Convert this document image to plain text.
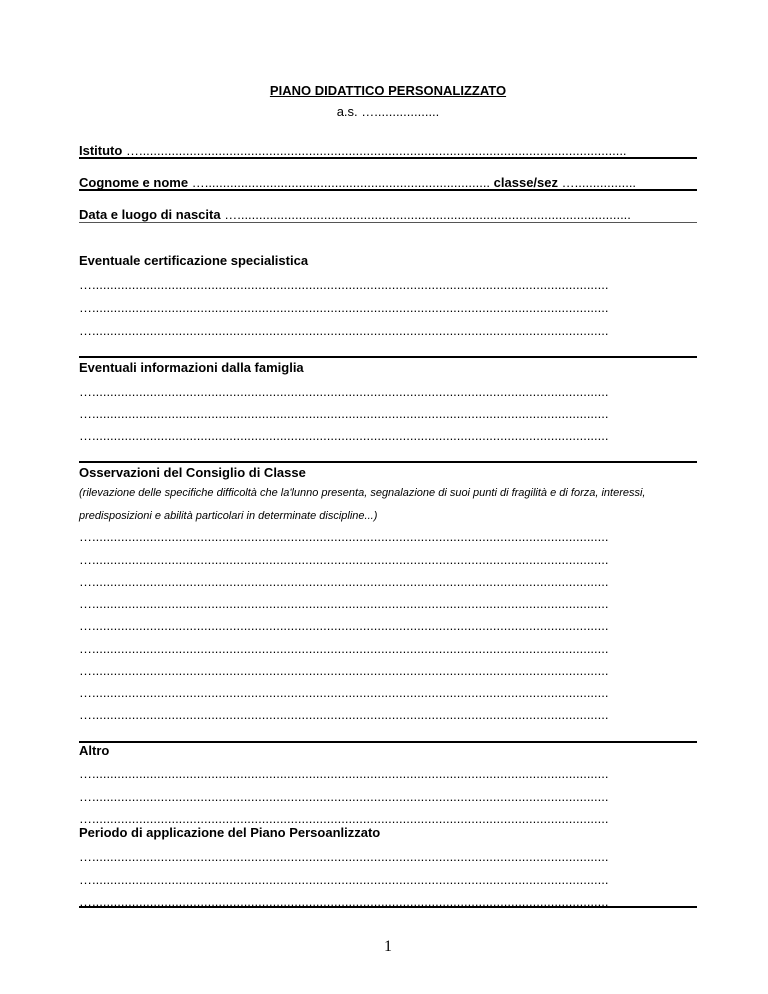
PIANO DIDATTICO PERSONALIZZATO
a.s. …..................
Istituto ….......................................................................................................................................
Cognome e nome …............................................................................... classe/sez ….................
Data e luogo di nascita ….............................................................................................................
Eventuale certificazione specialistica
…...............................................................................................................................................
…...............................................................................................................................................
…...............................................................................................................................................
Eventuali informazioni dalla famiglia
…...............................................................................................................................................
…...............................................................................................................................................
…...............................................................................................................................................
Osservazioni del Consiglio di Classe
(rilevazione delle specifiche difficoltà che la'lunno presenta, segnalazione di suoi punti di fragilità e di forza, interessi, predisposizioni e abilità particolari in determinate discipline...)
…...............................................................................................................................................
…...............................................................................................................................................
…...............................................................................................................................................
…...............................................................................................................................................
…...............................................................................................................................................
…...............................................................................................................................................
…...............................................................................................................................................
…...............................................................................................................................................
…...............................................................................................................................................
Altro
…...............................................................................................................................................
…...............................................................................................................................................
…...............................................................................................................................................
Periodo di applicazione del Piano Persoanlizzato
…...............................................................................................................................................
…...............................................................................................................................................
…...............................................................................................................................................
1
